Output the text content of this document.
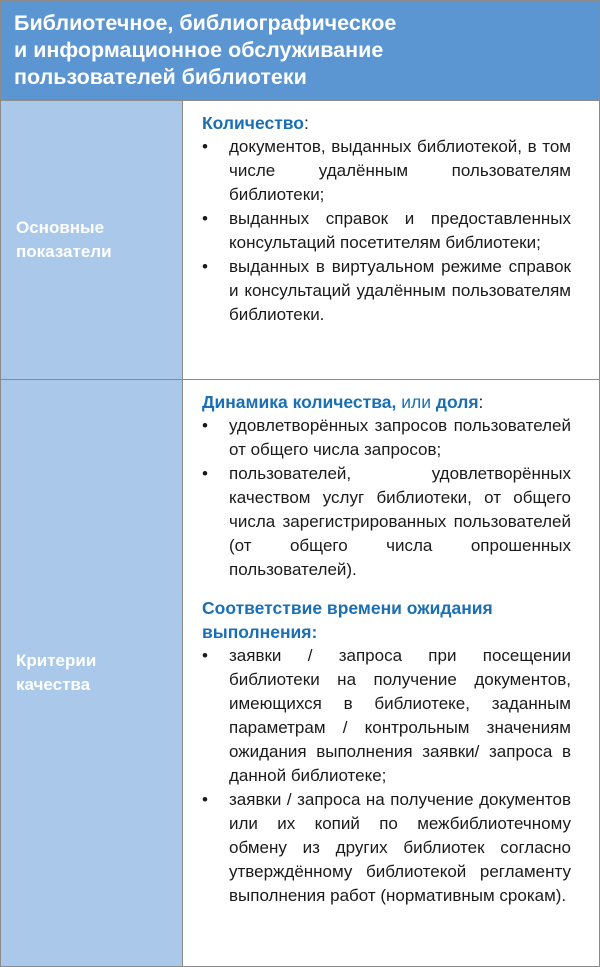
Библиотечное, библиографическое
и информационное обслуживание
пользователей библиотеки
Основные
показатели

Количество:

• документов, выданных библиотекой, в том числе удалённым пользователям библиотеки;
• выданных справок и предоставленных консультаций посетителям библиотеки;
• выданных в виртуальном режиме справок и консультаций удалённым пользователям библиотеки.
Критерии
качества

Динамика количества, или доля:

• удовлетворённых запросов пользователей от общего числа запросов;
• пользователей, удовлетворённых качеством услуг библиотеки, от общего числа зарегистрированных пользователей (от общего числа опрошенных пользователей).

Соответствие времени ожидания выполнения:

• заявки / запроса при посещении библиотеки на получение документов, имеющихся в библиотеке, заданным параметрам / контрольным значениям ожидания выполнения заявки/ запроса в данной библиотеке;
• заявки / запроса на получение документов или их копий по межбиблиотечному обмену из других библиотек согласно утверждённому библиотекой регламенту выполнения работ (нормативным срокам).
